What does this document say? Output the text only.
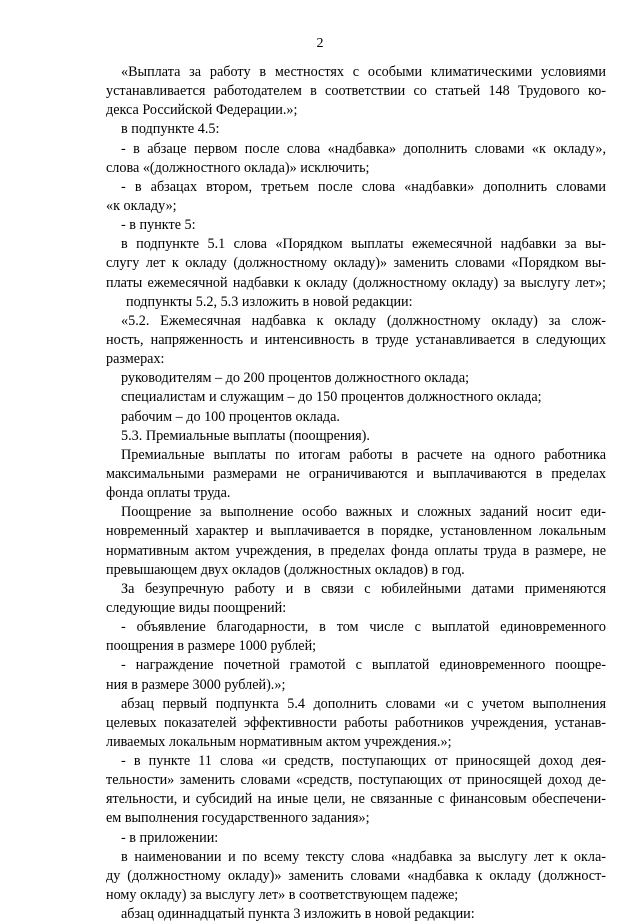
2
«Выплата за работу в местностях с особыми климатическими условиями
устанавливается работодателем в соответствии со статьей 148 Трудового ко-
декса Российской Федерации.»;
в подпункте 4.5:
- в абзаце первом после слова «надбавка» дополнить словами «к окладу»,
слова «(должностного оклада)» исключить;
- в абзацах втором, третьем после слова «надбавки» дополнить словами
«к окладу»;
- в пункте 5:
в подпункте 5.1 слова «Порядком выплаты ежемесячной надбавки за вы-
слугу лет к окладу (должностному окладу)» заменить словами «Порядком вы-
платы ежемесячной надбавки к окладу (должностному окладу) за выслугу лет»;
подпункты 5.2, 5.3 изложить в новой редакции:
«5.2. Ежемесячная надбавка к окладу (должностному окладу) за слож-
ность, напряженность и интенсивность в труде устанавливается в следующих
размерах:
руководителям – до 200 процентов должностного оклада;
специалистам и служащим – до 150 процентов должностного оклада;
рабочим – до 100 процентов оклада.
5.3. Премиальные выплаты (поощрения).
Премиальные выплаты по итогам работы в расчете на одного работника
максимальными размерами не ограничиваются и выплачиваются в пределах
фонда оплаты труда.
Поощрение за выполнение особо важных и сложных заданий носит еди-
новременный характер и выплачивается в порядке, установленном локальным
нормативным актом учреждения, в пределах фонда оплаты труда в размере, не
превышающем двух окладов (должностных окладов) в год.
За безупречную работу и в связи с юбилейными датами применяются
следующие виды поощрений:
- объявление благодарности, в том числе с выплатой единовременного
поощрения в размере 1000 рублей;
- награждение почетной грамотой с выплатой единовременного поощре-
ния в размере 3000 рублей).»;
абзац первый подпункта 5.4 дополнить словами «и с учетом выполнения
целевых показателей эффективности работы работников учреждения, устанав-
ливаемых локальным нормативным актом учреждения.»;
- в пункте 11 слова «и средств, поступающих от приносящей доход дея-
тельности» заменить словами «средств, поступающих от приносящей доход де-
ятельности, и субсидий на иные цели, не связанные с финансовым обеспечени-
ем выполнения государственного задания»;
- в приложении:
в наименовании и по всему тексту слова «надбавка за выслугу лет к окла-
ду (должностному окладу)» заменить словами «надбавка к окладу (должност-
ному окладу) за выслугу лет» в соответствующем падеже;
абзац одиннадцатый пункта 3 изложить в новой редакции:
